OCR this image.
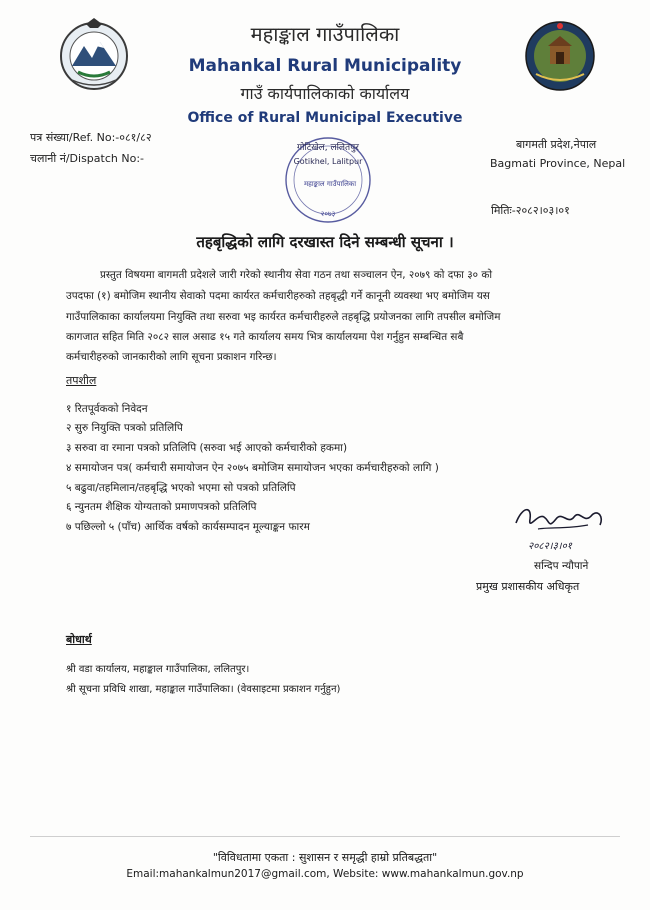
महाङ्काल गाउँपालिका
Mahankal Rural Municipality
गाउँ कार्यपालिकाको कार्यालय
Office of Rural Municipal Executive
पत्र संख्या/Ref. No:-०८१/८२
चलानी नं/Dispatch No:-
बागमती प्रदेश,नेपाल
Bagmati Province, Nepal
मितिः-२०८२।०३।०१
गोटिखेल, ललितपुर
Gotikhel, Lalitpur
महाङ्काल गाउँपालिका
२०७३
तहबृद्धिको लागि दरखास्त दिने सम्बन्धी सूचना ।
प्रस्तुत विषयमा बागमती प्रदेशले जारी गरेको स्थानीय सेवा गठन तथा सञ्चालन ऐन, २०७९ को दफा ३० को
उपदफा (१) बमोजिम स्थानीय सेवाको पदमा कार्यरत कर्मचारीहरुको तहबृद्धी गर्ने कानूनी व्यवस्था भए बमोजिम यस
गाउँपालिकाका कार्यालयमा नियुक्ति तथा सरुवा भइ कार्यरत कर्मचारीहरुले तहबृद्धि प्रयोजनका लागि तपसील बमोजिम
कागजात सहित मिति २०८२ साल असाढ १५ गते कार्यालय समय भित्र कार्यालयमा पेश गर्नुहुन सम्बन्धित सबै
कर्मचारीहरुको जानकारीको लागि सूचना प्रकाशन गरिन्छ।
तपशील
१ रितपूर्वककाे निवेदन
२ सुरु नियुक्ति पत्रको प्रतिलिपि
३ सरुवा वा रमाना पत्रको प्रतिलिपि (सरुवा भई आएको कर्मचारीको हकमा)
४ समायोजन पत्र( कर्मचारी समायोजन ऐन २०७५ बमोजिम समायोजन भएका कर्मचारीहरुको लागि )
५ बढुवा/तहमिलान/तहबृद्धि भएको भएमा सो पत्रको प्रतिलिपि
६ न्युनतम शैक्षिक योग्यताको प्रमाणपत्रको प्रतिलिपि
७ पछिल्लो ५ (पाँच) आर्थिक वर्षको कार्यसम्पादन मूल्याङ्कन फारम
२०८२।३।०१
सन्दिप न्यौपाने
प्रमुख प्रशासकीय अधिकृत
बोधार्थ
श्री वडा कार्यालय, महाङ्काल गाउँपालिका, ललितपुर।
श्री सूचना प्रविधि शाखा, महाङ्काल गाउँपालिका। (वेवसाइटमा प्रकाशन गर्नुहुन)
"विविधतामा एकता : सुशासन र समृद्धी हाम्रो प्रतिबद्धता"
Email:mahankalmun2017@gmail.com, Website: www.mahankalmun.gov.np
